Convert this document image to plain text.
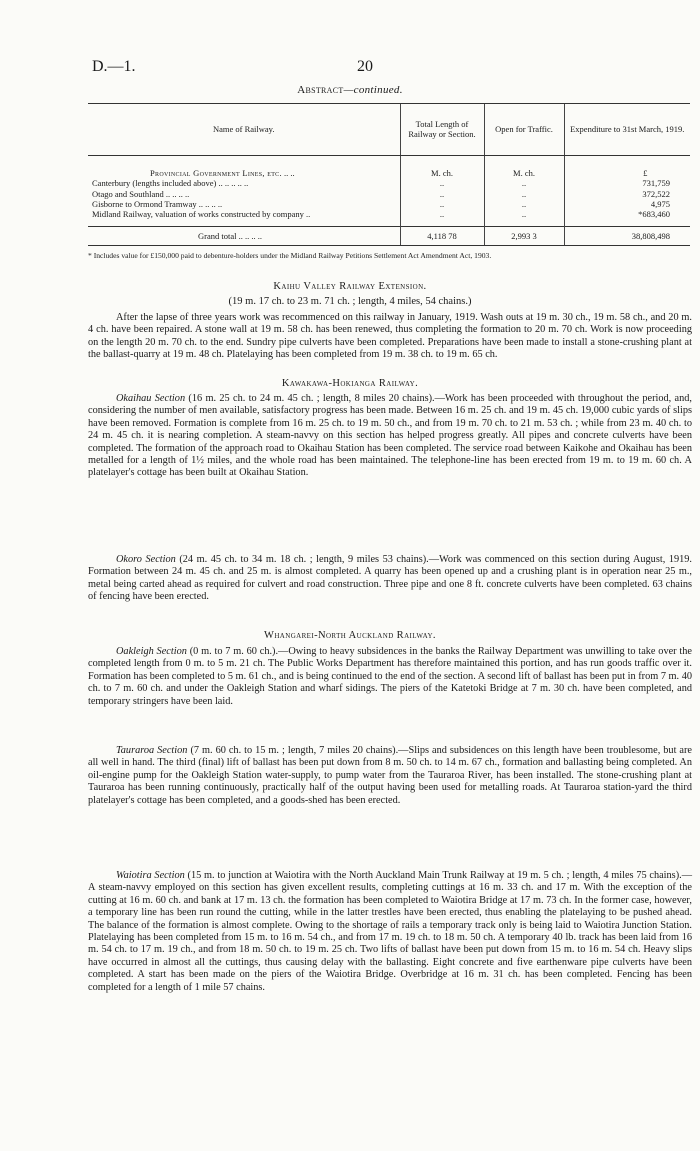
D.—1.	20
Abstract—continued.
Name of Railway.	Total Length of Railway or Section.	Open for Traffic.	Expenditure to 31st March, 1919.

Provincial Government Lines, etc. .. ..	M. ch.	M. ch.	£
Canterbury (lengths included above) .. .. .. .. ..	..	..	731,759
Otago and Southland .. .. .. ..	..	..	372,522
Gisborne to Ormond Tramway .. .. .. ..	..	..	4,975
Midland Railway, valuation of works constructed by company ..	..	..	*683,460

Grand total .. .. .. ..	4,118 78	2,993 3	38,808,498
* Includes value for £150,000 paid to debenture-holders under the Midland Railway Petitions Settlement Act Amendment Act, 1903.
Kaihu Valley Railway Extension.
(19 m. 17 ch. to 23 m. 71 ch. ; length, 4 miles, 54 chains.)
After the lapse of three years work was recommenced on this railway in January, 1919. Wash outs at 19 m. 30 ch., 19 m. 58 ch., and 20 m. 4 ch. have been repaired. A stone wall at 19 m. 58 ch. has been renewed, thus completing the formation to 20 m. 70 ch. Work is now proceeding on the length 20 m. 70 ch. to the end. Sundry pipe culverts have been completed. Preparations have been made to install a stone-crushing plant at the ballast-quarry at 19 m. 48 ch. Platelaying has been completed from 19 m. 38 ch. to 19 m. 65 ch.
Kawakawa-Hokianga Railway.
Okaihau Section (16 m. 25 ch. to 24 m. 45 ch. ; length, 8 miles 20 chains).—Work has been proceeded with throughout the period, and, considering the number of men available, satisfactory progress has been made. Between 16 m. 25 ch. and 19 m. 45 ch. 19,000 cubic yards of slips have been removed. Formation is complete from 16 m. 25 ch. to 19 m. 50 ch., and from 19 m. 70 ch. to 21 m. 53 ch. ; while from 23 m. 40 ch. to 24 m. 45 ch. it is nearing completion. A steam-navvy on this section has helped progress greatly. All pipes and concrete culverts have been completed. The formation of the approach road to Okaihau Station has been completed. The service road between Kaikohe and Okaihau has been metalled for a length of 1½ miles, and the whole road has been maintained. The telephone-line has been erected from 19 m. to 19 m. 60 ch. A platelayer's cottage has been built at Okaihau Station.
Okoro Section (24 m. 45 ch. to 34 m. 18 ch. ; length, 9 miles 53 chains).—Work was commenced on this section during August, 1919. Formation between 24 m. 45 ch. and 25 m. is almost completed. A quarry has been opened up and a crushing plant is in operation near 25 m., metal being carted ahead as required for culvert and road construction. Three pipe and one 8 ft. concrete culverts have been completed. 63 chains of fencing have been erected.
Whangarei-North Auckland Railway.
Oakleigh Section (0 m. to 7 m. 60 ch.).—Owing to heavy subsidences in the banks the Railway Department was unwilling to take over the completed length from 0 m. to 5 m. 21 ch. The Public Works Department has therefore maintained this portion, and has run goods traffic over it. Formation has been completed to 5 m. 61 ch., and is being continued to the end of the section. A second lift of ballast has been put in from 7 m. 40 ch. to 7 m. 60 ch. and under the Oakleigh Station and wharf sidings. The piers of the Katetoki Bridge at 7 m. 30 ch. have been completed, and temporary stringers have been laid.
Tauraroa Section (7 m. 60 ch. to 15 m. ; length, 7 miles 20 chains).—Slips and subsidences on this length have been troublesome, but are all well in hand. The third (final) lift of ballast has been put down from 8 m. 50 ch. to 14 m. 67 ch., formation and ballasting being completed. An oil-engine pump for the Oakleigh Station water-supply, to pump water from the Tauraroa River, has been installed. The stone-crushing plant at Tauraroa has been running continuously, practically half of the output having been used for metalling roads. At Tauraroa station-yard the third platelayer's cottage has been completed, and a goods-shed has been erected.
Waiotira Section (15 m. to junction at Waiotira with the North Auckland Main Trunk Railway at 19 m. 5 ch. ; length, 4 miles 75 chains).—A steam-navvy employed on this section has given excellent results, completing cuttings at 16 m. 33 ch. and 17 m. With the exception of the cutting at 16 m. 60 ch. and bank at 17 m. 13 ch. the formation has been completed to Waiotira Bridge at 17 m. 73 ch. In the former case, however, a temporary line has been run round the cutting, while in the latter trestles have been erected, thus enabling the platelaying to be pushed ahead. The balance of the formation is almost complete. Owing to the shortage of rails a temporary track only is being laid to Waiotira Junction Station. Platelaying has been completed from 15 m. to 16 m. 54 ch., and from 17 m. 19 ch. to 18 m. 50 ch. A temporary 40 lb. track has been laid from 16 m. 54 ch. to 17 m. 19 ch., and from 18 m. 50 ch. to 19 m. 25 ch. Two lifts of ballast have been put down from 15 m. to 16 m. 54 ch. Heavy slips have occurred in almost all the cuttings, thus causing delay with the ballasting. Eight concrete and five earthenware pipe culverts have been completed. A start has been made on the piers of the Waiotira Bridge. Overbridge at 16 m. 31 ch. has been completed. Fencing has been completed for a length of 1 mile 57 chains.
